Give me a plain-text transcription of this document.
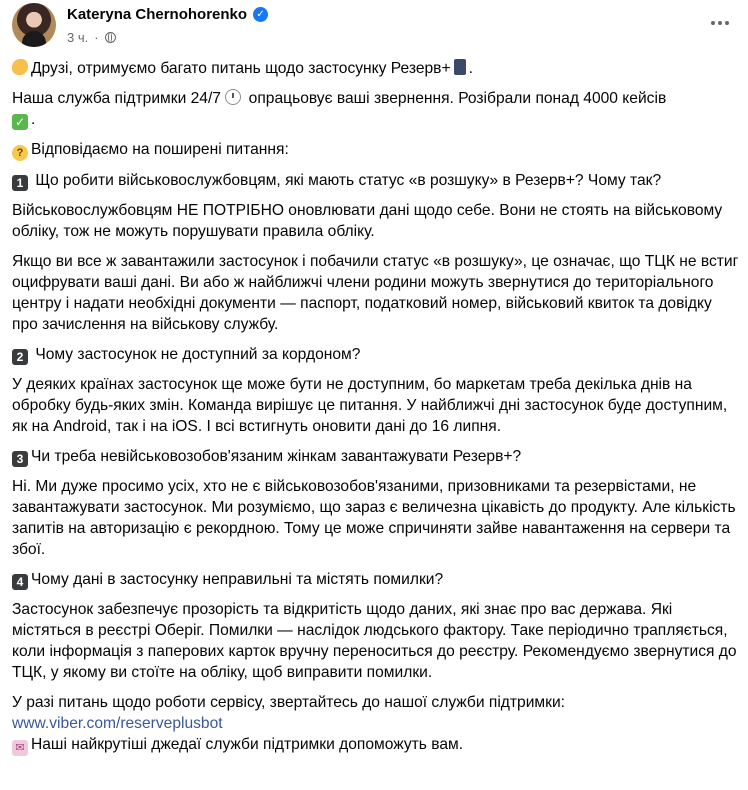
Kateryna Chernohorenko ✓
3 ч. ·

Друзі, отримуємо багато питань щодо застосунку Резерв+ .

Наша служба підтримки 24/7 опрацьовує ваші звернення. Розібрали понад 4000 кейсів
✓ .

? Відповідаємо на поширені питання:

1 Що робити військовослужбовцям, які мають статус «в розшуку» в Резерв+? Чому так?

Військовослужбовцям НЕ ПОТРІБНО оновлювати дані щодо себе. Вони не стоять на військовому обліку, тож не можуть порушувати правила обліку.

Якщо ви все ж завантажили застосунок і побачили статус «в розшуку», це означає, що ТЦК не встиг оцифрувати ваші дані. Ви або ж найближчі члени родини можуть звернутися до територіального центру і надати необхідні документи — паспорт, податковий номер, військовий квиток та довідку про зачислення на військову службу.

2 Чому застосунок не доступний за кордоном?

У деяких країнах застосунок ще може бути не доступним, бо маркетам треба декілька днів на обробку будь-яких змін. Команда вирішує це питання. У найближчі дні застосунок буде доступним, як на Android, так і на iOS. І всі встигнуть оновити дані до 16 липня.

3 Чи треба невійськовозобов'язаним жінкам завантажувати Резерв+?

Ні. Ми дуже просимо усіх, хто не є військовозобов'язаними, призовниками та резервістами, не завантажувати застосунок. Ми розуміємо, що зараз є величезна цікавість до продукту. Але кількість запитів на авторизацію є рекордною. Тому це може спричиняти зайве навантаження на сервери та збої.

4 Чому дані в застосунку неправильні та містять помилки?

Застосунок забезпечує прозорість та відкритість щодо даних, які знає про вас держава. Які містяться в реєстрі Оберіг. Помилки — наслідок людського фактору. Таке періодично трапляється, коли інформація з паперових карток вручну переноситься до реєстру. Рекомендуємо звернутися до ТЦК, у якому ви стоїте на обліку, щоб виправити помилки.

У разі питань щодо роботи сервісу, звертайтесь до нашої служби підтримки:
www.viber.com/reserveplusbot
✉ Наші найкрутіші джедаї служби підтримки допоможуть вам.
